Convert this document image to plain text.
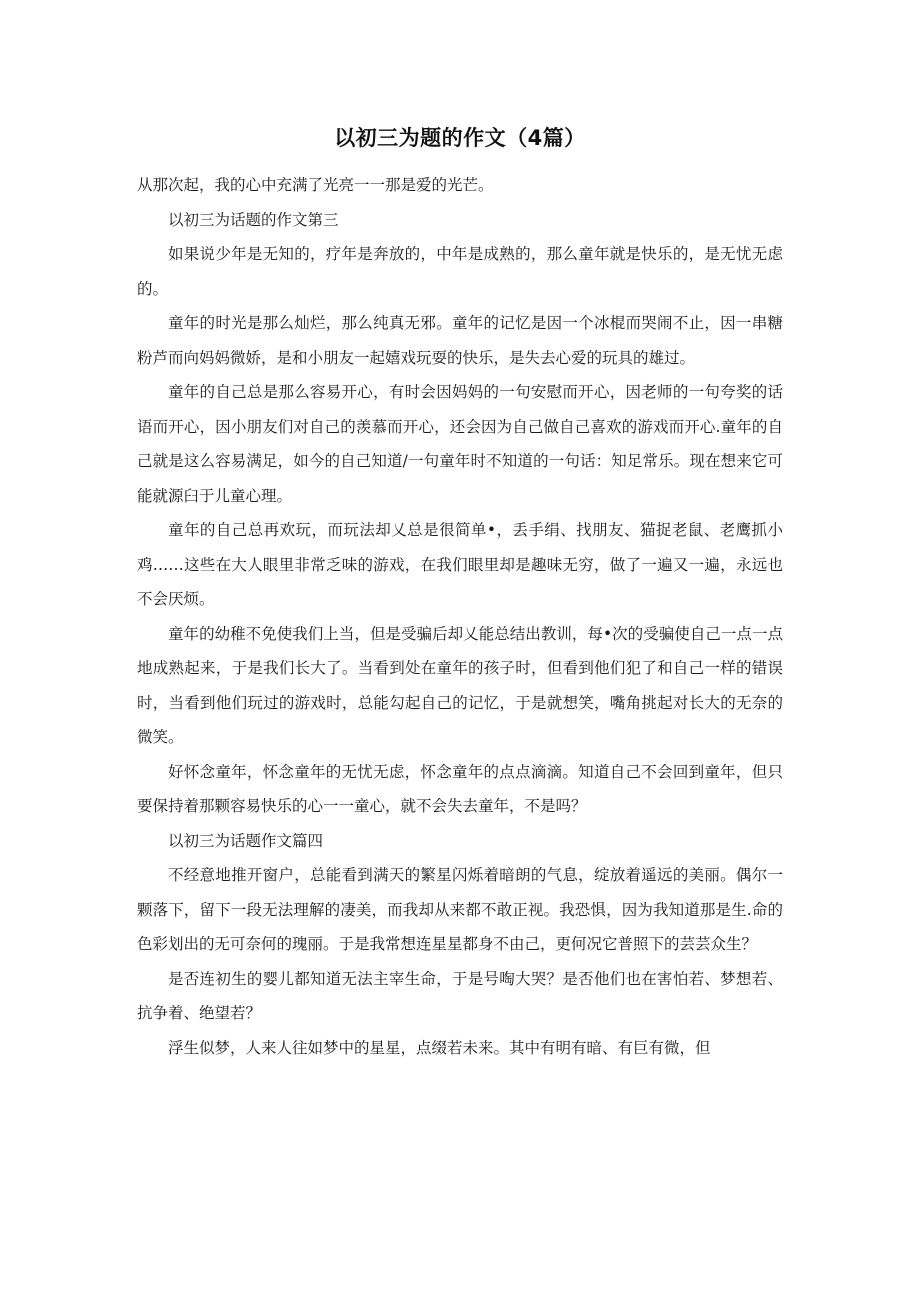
以初三为题的作文（4篇）

从那次起，我的心中充满了光亮一一那是爱的光芒。

以初三为话题的作文第三

如果说少年是无知的，疗年是奔放的，中年是成熟的，那么童年就是快乐的，是无忧无虑的。

童年的时光是那么灿烂，那么纯真无邪。童年的记忆是因一个冰棍而哭闹不止，因一串糖粉芦而向妈妈微娇，是和小朋友一起嬉戏玩耍的快乐，是失去心爱的玩具的雄过。

童年的自己总是那么容易开心，有时会因妈妈的一句安慰而开心，因老师的一句夸奖的话语而开心，因小朋友们对自己的羡慕而开心，还会因为自己做自己喜欢的游戏而开心.童年的自己就是这么容易满足，如今的自己知道/一句童年时不知道的一句话：知足常乐。现在想来它可能就源臼于儿童心理。

童年的自己总再欢玩，而玩法却乂总是很简单•，丢手绢、找朋友、猫捉老鼠、老鹰抓小鸡……这些在大人眼里非常乏味的游戏，在我们眼里却是趣味无穷，做了一遍又一遍，永远也不会厌烦。

童年的幼稚不免使我们上当，但是受骗后却乂能总结出教训，每•次的受骗使自己一点一点地成熟起来，于是我们长大了。当看到处在童年的孩子时，但看到他们犯了和自己一样的错误时，当看到他们玩过的游戏时，总能勾起自己的记忆，于是就想笑，嘴角挑起对长大的无奈的微笑。

好怀念童年，怀念童年的无忧无虑，怀念童年的点点滴滴。知道自己不会回到童年，但只要保持着那颗容易快乐的心一一童心，就不会失去童年，不是吗？

以初三为话题作文篇四

不经意地推开窗户，总能看到满天的繁星闪烁着暗朗的气息，绽放着遥远的美丽。偶尔一颗落下，留下一段无法理解的凄美，而我却从来都不敢正视。我恐惧，因为我知道那是生.命的色彩划出的无可奈何的瑰丽。于是我常想连星星都身不由己，更何况它普照下的芸芸众生？

是否连初生的婴儿都知道无法主宰生命，于是号啕大哭？是否他们也在害怕若、梦想若、抗争着、绝望若？

浮生似梦，人来人往如梦中的星星，点缀若未来。其中有明有暗、有巨有微，但
